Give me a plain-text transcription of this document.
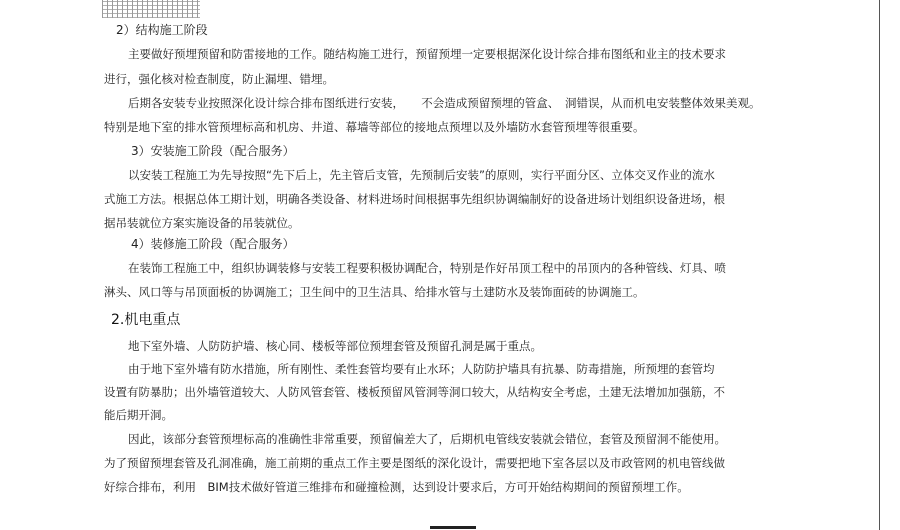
2）结构施工阶段
主要做好预埋预留和防雷接地的工作。随结构施工进行，预留预埋一定要根据深化设计综合排布图纸和业主的技术要求
进行，强化核对检查制度，防止漏埋、错埋。
后期各安装专业按照深化设计综合排布图纸进行安装，　　不会造成预留预埋的管盒、　洞错误，从而机电安装整体效果美观。
特别是地下室的排水管预埋标高和机房、井道、幕墙等部位的接地点预埋以及外墙防水套管预埋等很重要。
3）安装施工阶段（配合服务）
以安装工程施工为先导按照“先下后上，先主管后支管，先预制后安装”的原则，实行平面分区、立体交叉作业的流水
式施工方法。根据总体工期计划，明确各类设备、材料进场时间根据事先组织协调编制好的设备进场计划组织设备进场，根
据吊装就位方案实施设备的吊装就位。
4）装修施工阶段（配合服务）
在装饰工程施工中，组织协调装修与安装工程要积极协调配合，特别是作好吊顶工程中的吊顶内的各种管线、灯具、喷
淋头、风口等与吊顶面板的协调施工；卫生间中的卫生洁具、给排水管与土建防水及装饰面砖的协调施工。
2.机电重点
地下室外墙、人防防护墙、核心同、楼板等部位预埋套管及预留孔洞是属于重点。
由于地下室外墙有防水措施，所有刚性、柔性套管均要有止水环；人防防护墙具有抗暴、防毒措施，所预埋的套管均
设置有防暴肋；出外墙管道较大、人防风管套管、楼板预留风管洞等洞口较大，从结构安全考虑，土建无法增加加强筋，不
能后期开洞。
因此，该部分套管预埋标高的准确性非常重要，预留偏差大了，后期机电管线安装就会错位，套管及预留洞不能使用。
为了预留预埋套管及孔洞准确，施工前期的重点工作主要是图纸的深化设计，需要把地下室各层以及市政管网的机电管线做
好综合排布，利用　BIM技术做好管道三维排布和碰撞检测，达到设计要求后，方可开始结构期间的预留预埋工作。
